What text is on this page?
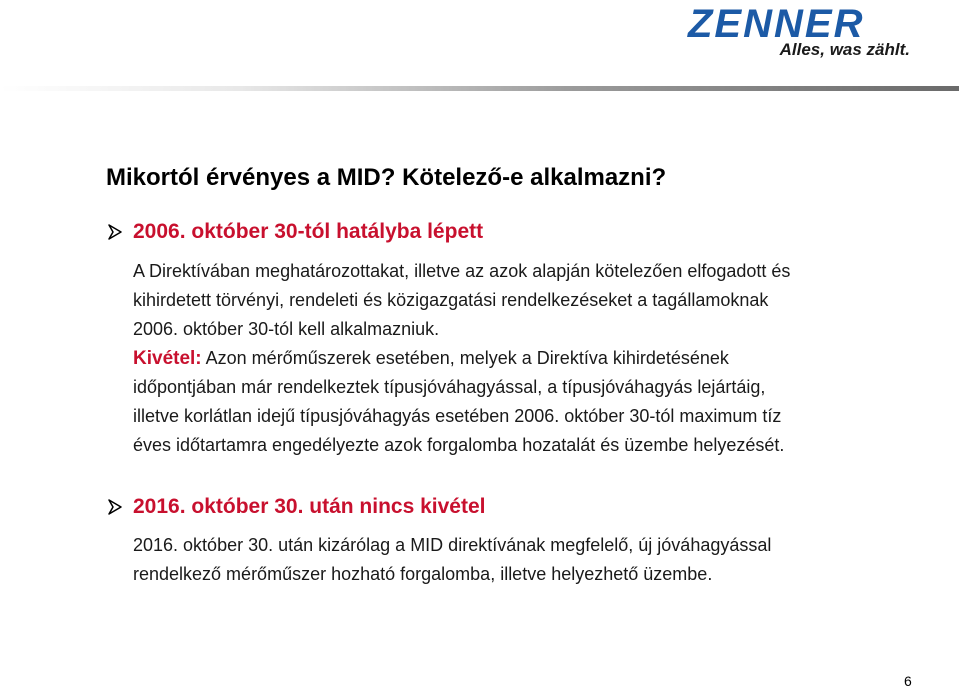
ZENNER
Alles, was zählt.
Mikortól érvényes a MID? Kötelező-e alkalmazni?
2006. október 30-tól hatályba lépett

A Direktívában meghatározottakat, illetve az azok alapján kötelezően elfogadott és

kihirdetett törvényi, rendeleti és közigazgatási rendelkezéseket a tagállamoknak

2006. október 30-tól kell alkalmazniuk.

Kivétel: Azon mérőműszerek esetében, melyek a Direktíva kihirdetésének

időpontjában már rendelkeztek típusjóváhagyással, a típusjóváhagyás lejártáig,

illetve korlátlan idejű típusjóváhagyás esetében 2006. október 30-tól maximum tíz

éves időtartamra engedélyezte azok forgalomba hozatalát és üzembe helyezését.

2016. október 30. után nincs kivétel

2016. október 30. után kizárólag a MID direktívának megfelelő, új jóváhagyással

rendelkező mérőműszer hozható forgalomba, illetve helyezhető üzembe.

6
